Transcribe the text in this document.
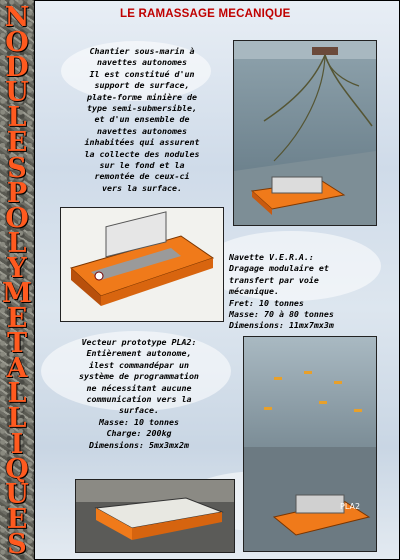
N
O
D
U
L
E
S
P
O
L
Y
M
E
T
A
L
L
I
Q
U
E
S
LE RAMASSAGE MECANIQUE
Chantier sous-marin à
navettes autonomes
Il est constitué d'un
support de surface,
plate-forme minière de
type semi-submersible,
et d'un ensemble de
navettes autonomes
inhabitées qui assurent
la collecte des nodules
sur le fond et la
remontée de ceux-ci
vers la surface.
Navette V.E.R.A.:
Dragage modulaire et
transfert par voie
mécanique.
Fret: 10 tonnes
Masse: 70 à 80 tonnes
Dimensions: 11mx7mx3m
Vecteur prototype PLA2:
Entièrement autonome,
ilest commandépar un
système de programmation
ne nécessitant aucune
communication vers la
surface.
Masse: 10 tonnes
Charge: 200kg
Dimensions: 5mx3mx2m
PLA2
